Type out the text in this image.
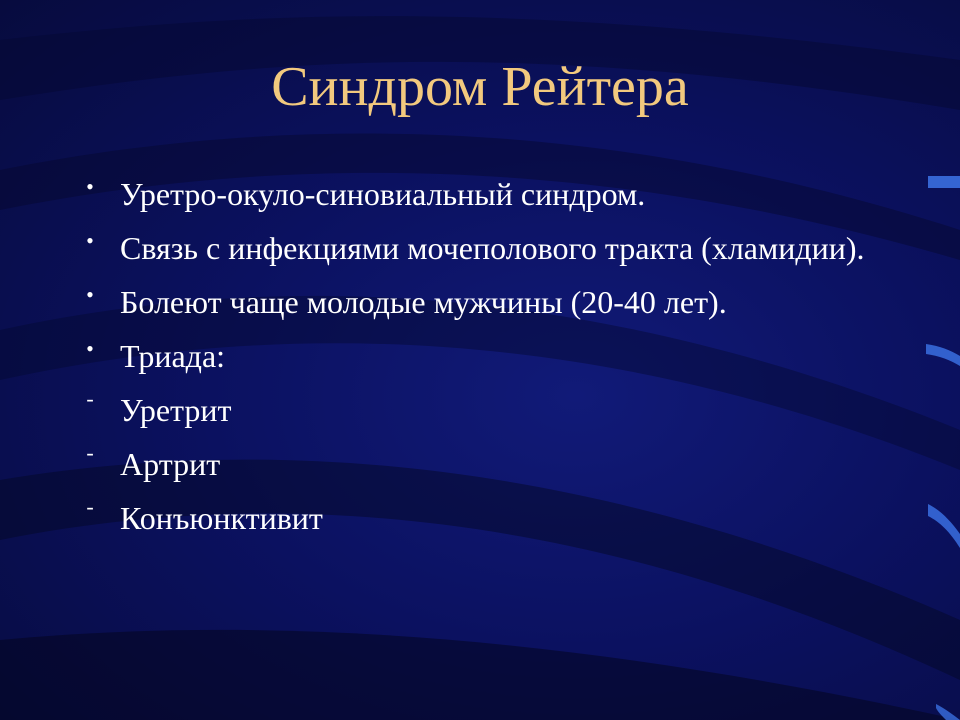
Синдром Рейтера
• Уретро-окуло-синовиальный синдром.
• Связь с инфекциями мочеполового тракта (хламидии).
• Болеют чаще молодые мужчины (20-40 лет).
• Триада:
- Уретрит
- Артрит
- Конъюнктивит
